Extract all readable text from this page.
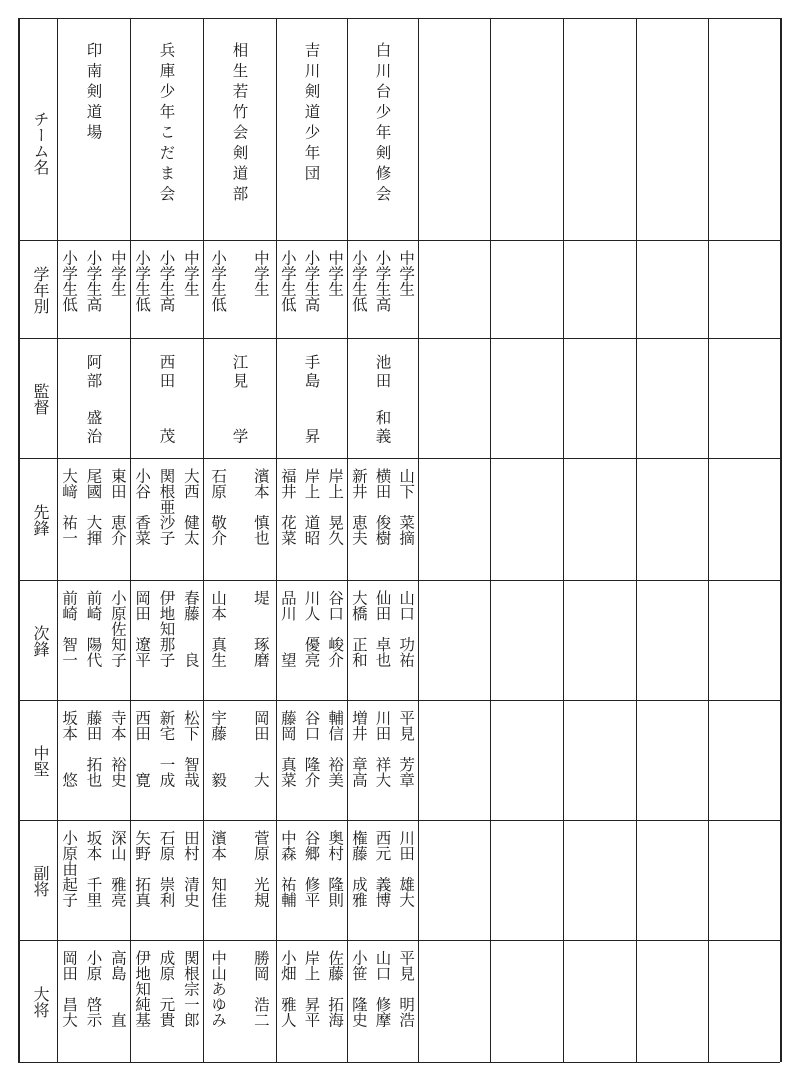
チーム名
学年別
監督
先鋒
次鋒
中堅
副将
大将
印南剣道場
中学生
小学生高
小学生低
阿部　盛治
東田　恵介
尾國　大揮
大﨑　祐一
小原佐知子
前崎　陽代
前崎　智一
寺本　裕史
藤田　拓也
坂本　　悠
深山　雅亮
坂本　千里
小原由起子
高島　　直
小原　啓示
岡田　昌大
兵庫少年こだま会
中学生
小学生高
小学生低
西田　　茂
大西　健太
関根亜沙子
小谷　香菜
春藤　　良
伊地知那子
岡田　遼平
松下　智哉
新宅　一成
西田　　寛
田村　清史
石原　崇利
矢野　拓真
関根宗一郎
成原　元貴
伊地知純基
相生若竹会剣道部
中学生
小学生低
江見　　学
濱本　慎也
石原　敬介
堤　　琢磨
山本　真生
岡田　　大
宇藤　　毅
菅原　光規
濱本　知佳
勝岡　浩二
中山あゆみ
吉川剣道少年団
中学生
小学生高
小学生低
手島　　昇
岸上　晃久
岸上　道昭
福井　花菜
谷口　峻介
川人　優亮
品川　　望
輔信　裕美
谷口　隆介
藤岡　真菜
奥村　隆則
谷郷　修平
中森　祐輔
佐藤　拓海
岸上　昇平
小畑　雅人
白川台少年剣修会
中学生
小学生高
小学生低
池田　和義
山下　菜摘
横田　俊樹
新井　恵夫
山口　功祐
仙田　卓也
大橋　正和
平見　芳章
川田　祥大
増井　章高
川田　雄大
西元　義博
権藤　成雅
平見　明浩
山口　修摩
小笹　隆史
